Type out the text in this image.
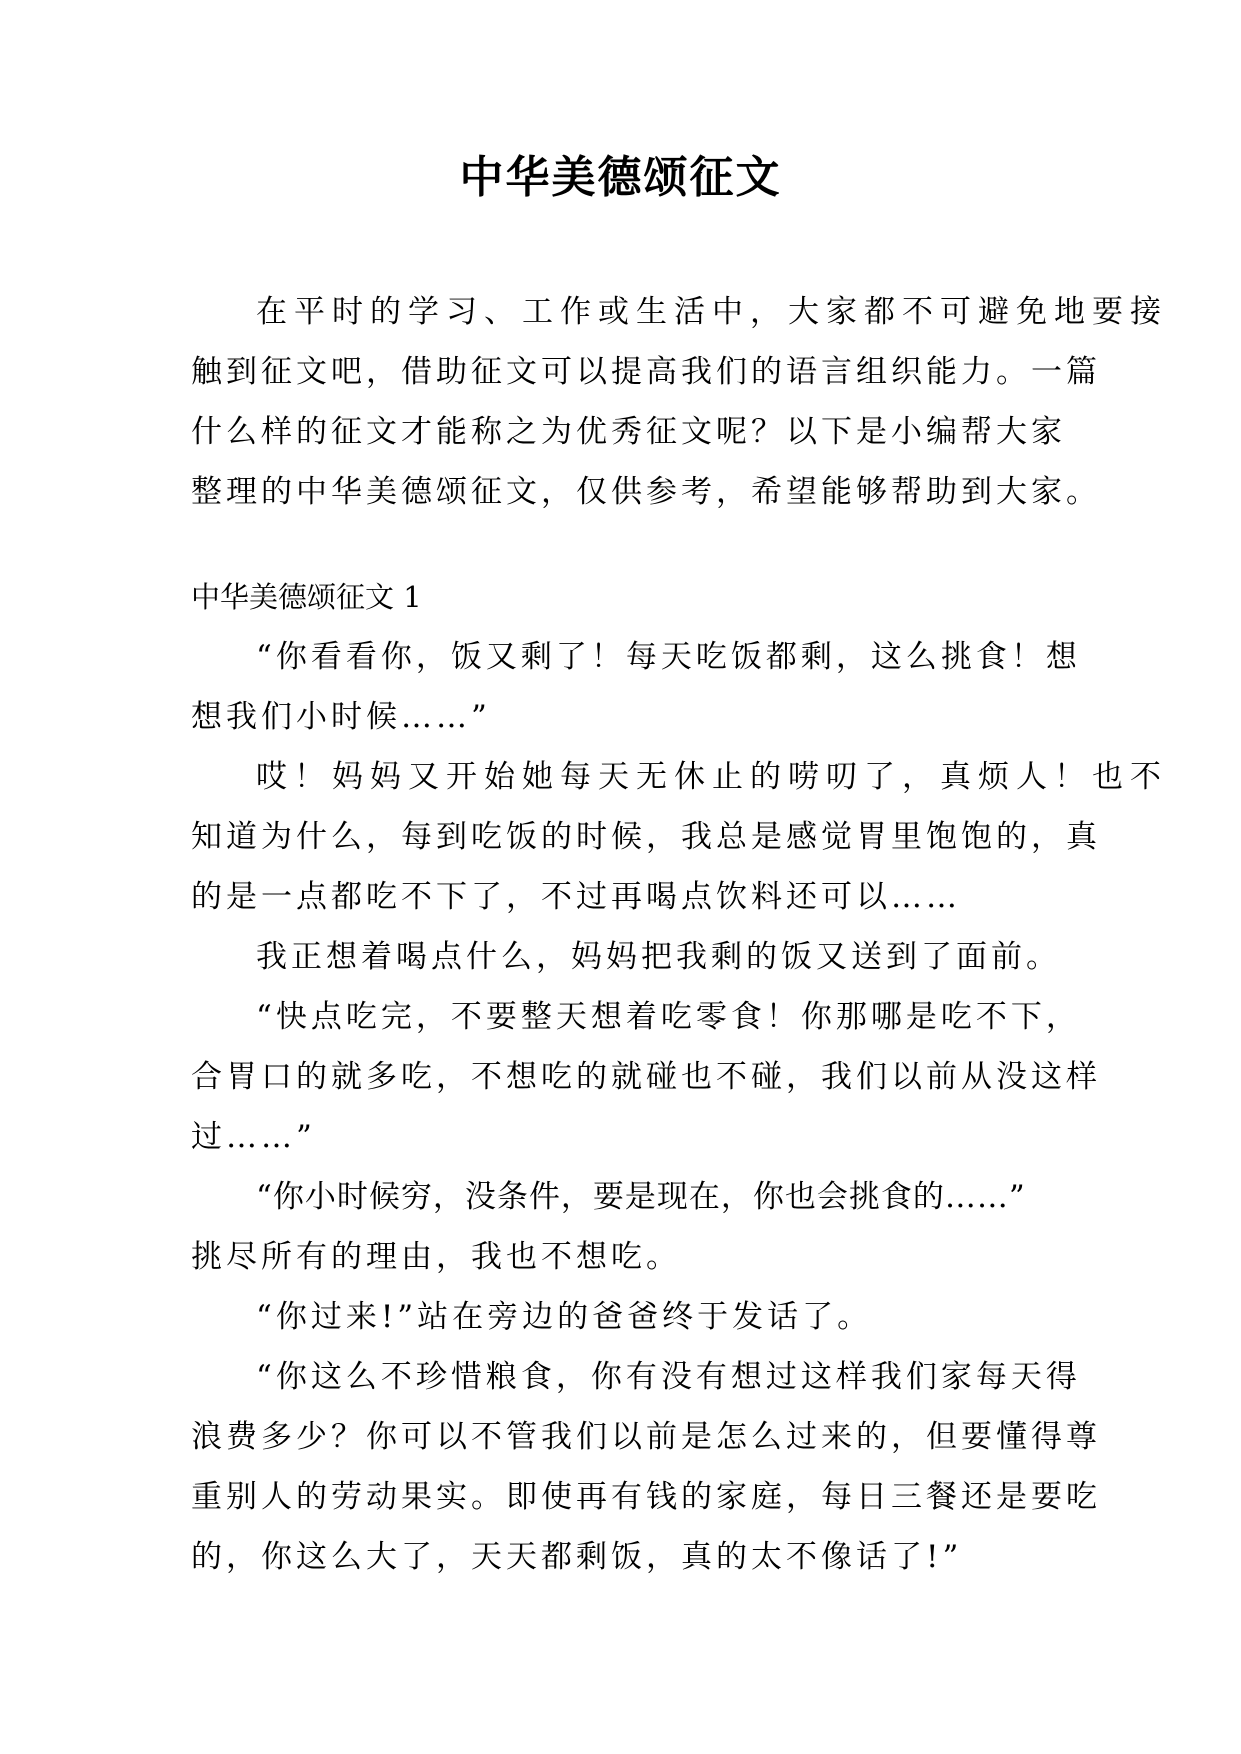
中华美德颂征文
在平时的学习、工作或生活中，大家都不可避免地要接
触到征文吧，借助征文可以提高我们的语言组织能力。一篇
什么样的征文才能称之为优秀征文呢？以下是小编帮大家
整理的中华美德颂征文，仅供参考，希望能够帮助到大家。
中华美德颂征文 1
“你看看你，饭又剩了！每天吃饭都剩，这么挑食！想
想我们小时候……”
哎！妈妈又开始她每天无休止的唠叨了，真烦人！也不
知道为什么，每到吃饭的时候，我总是感觉胃里饱饱的，真
的是一点都吃不下了，不过再喝点饮料还可以……
我正想着喝点什么，妈妈把我剩的饭又送到了面前。
“快点吃完，不要整天想着吃零食！你那哪是吃不下，
合胃口的就多吃，不想吃的就碰也不碰，我们以前从没这样
过……”
“你小时候穷，没条件，要是现在，你也会挑食的……”
挑尽所有的理由，我也不想吃。
“你过来!”站在旁边的爸爸终于发话了。
“你这么不珍惜粮食，你有没有想过这样我们家每天得
浪费多少？你可以不管我们以前是怎么过来的，但要懂得尊
重别人的劳动果实。即使再有钱的家庭，每日三餐还是要吃
的，你这么大了，天天都剩饭，真的太不像话了!”
